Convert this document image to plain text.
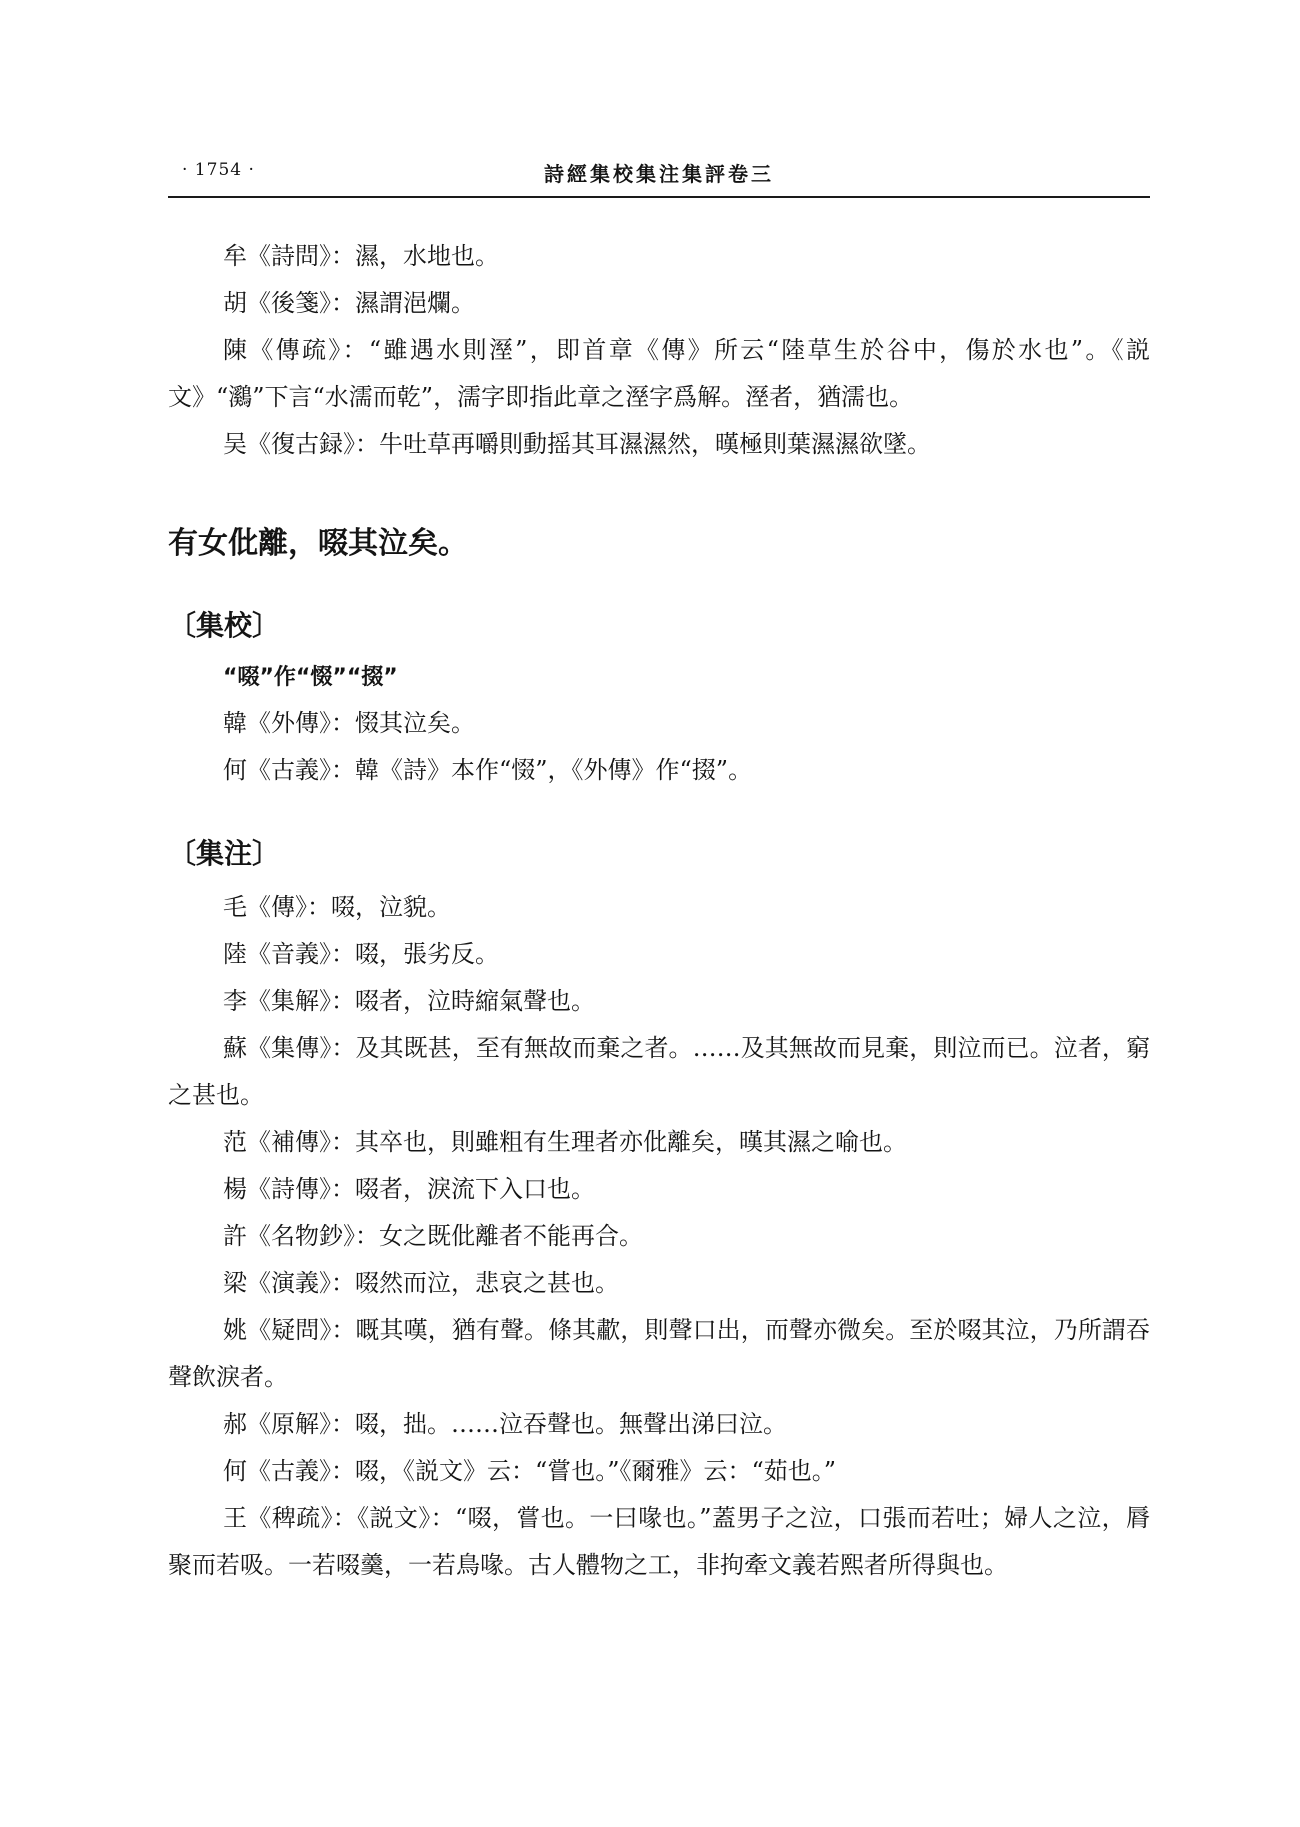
· 1754 ·	詩經集校集注集評卷三

牟《詩問》：濕，水地也。

胡《後箋》：濕謂浥爛。

陳《傳疏》：“雖遇水則溼”，即首章《傳》所云“陸草生於谷中，傷於水也”。《説文》“鸂”下言“水濡而乾”，濡字即指此章之溼字爲解。溼者，猶濡也。

吴《復古録》：牛吐草再嚼則動摇其耳濕濕然，暵極則葉濕濕欲墜。

有女仳離，啜其泣矣。
〔集校〕
“啜”作“惙”“掇”

韓《外傳》：惙其泣矣。

何《古義》：韓《詩》本作“惙”，《外傳》作“掇”。

〔集注〕

毛《傳》：啜，泣貌。

陸《音義》：啜，張劣反。

李《集解》：啜者，泣時縮氣聲也。

蘇《集傳》：及其既甚，至有無故而棄之者。……及其無故而見棄，則泣而已。泣者，窮之甚也。

范《補傳》：其卒也，則雖粗有生理者亦仳離矣，暵其濕之喻也。

楊《詩傳》：啜者，淚流下入口也。

許《名物鈔》：女之既仳離者不能再合。

梁《演義》：啜然而泣，悲哀之甚也。

姚《疑問》：嘅其嘆，猶有聲。條其歗，則聲口出，而聲亦微矣。至於啜其泣，乃所謂吞聲飲淚者。

郝《原解》：啜，拙。……泣吞聲也。無聲出涕曰泣。

何《古義》：啜，《説文》云：“嘗也。”《爾雅》云：“茹也。”

王《稗疏》：《説文》：“啜，嘗也。一曰喙也。”蓋男子之泣，口張而若吐；婦人之泣，脣聚而若吸。一若啜羹，一若鳥喙。古人體物之工，非拘牽文義若熙者所得與也。
